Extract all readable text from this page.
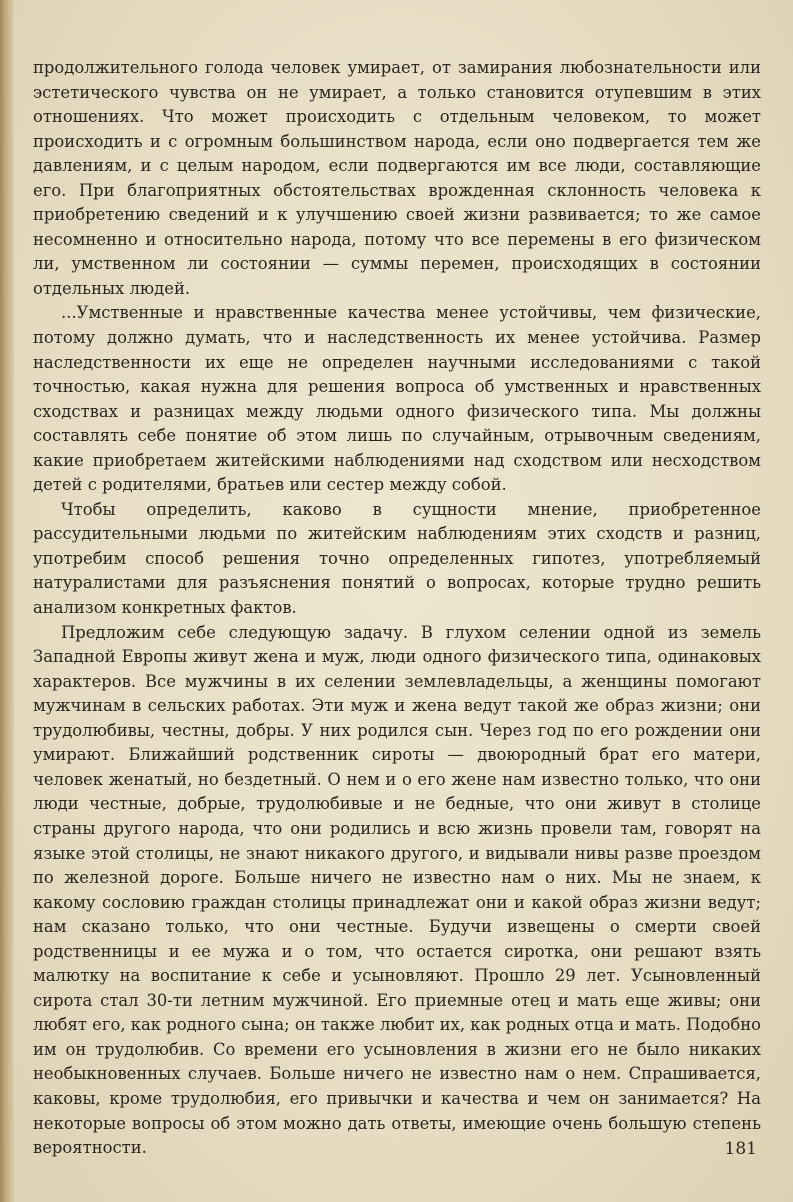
продолжительного голода человек умирает, от замирания любознательности или эстетического чувства он не умирает, а только становится отупевшим в этих отношениях. Что может происходить с отдельным человеком, то может происходить и с огромным большинством народа, если оно подвергается тем же давлениям, и с целым народом, если подвергаются им все люди, составляющие его. При благоприятных обстоятельствах врожденная склонность человека к приобретению сведений и к улучшению своей жизни развивается; то же самое несомненно и относительно народа, потому что все перемены в его физическом ли, умственном ли состоянии — суммы перемен, происходящих в состоянии отдельных людей.

...Умственные и нравственные качества менее устойчивы, чем физические, потому должно думать, что и наследственность их менее устойчива. Размер наследственности их еще не определен научными исследованиями с такой точностью, какая нужна для решения вопроса об умственных и нравственных сходствах и разницах между людьми одного физического типа. Мы должны составлять себе понятие об этом лишь по случайным, отрывочным сведениям, какие приобретаем житейскими наблюдениями над сходством или несходством детей с родителями, братьев или сестер между собой.

Чтобы определить, каково в сущности мнение, приобретенное рассудительными людьми по житейским наблюдениям этих сходств и разниц, употребим способ решения точно определенных гипотез, употребляемый натуралистами для разъяснения понятий о вопросах, которые трудно решить анализом конкретных фактов.

Предложим себе следующую задачу. В глухом селении одной из земель Западной Европы живут жена и муж, люди одного физического типа, одинаковых характеров. Все мужчины в их селении землевладельцы, а женщины помогают мужчинам в сельских работах. Эти муж и жена ведут такой же образ жизни; они трудолюбивы, честны, добры. У них родился сын. Через год по его рождении они умирают. Ближайший родственник сироты — двоюродный брат его матери, человек женатый, но бездетный. О нем и о его жене нам известно только, что они люди честные, добрые, трудолюбивые и не бедные, что они живут в столице страны другого народа, что они родились и всю жизнь провели там, говорят на языке этой столицы, не знают никакого другого, и видывали нивы разве проездом по железной дороге. Больше ничего не известно нам о них. Мы не знаем, к какому сословию граждан столицы принадлежат они и какой образ жизни ведут; нам сказано только, что они честные. Будучи извещены о смерти своей родственницы и ее мужа и о том, что остается сиротка, они решают взять малютку на воспитание к себе и усыновляют. Прошло 29 лет. Усыновленный сирота стал 30-ти летним мужчиной. Его приемные отец и мать еще живы; они любят его, как родного сына; он также любит их, как родных отца и мать. Подобно им он трудолюбив. Со времени его усыновления в жизни его не было никаких необыкновенных случаев. Больше ничего не известно нам о нем. Спрашивается, каковы, кроме трудолюбия, его привычки и качества и чем он занимается? На некоторые вопросы об этом можно дать ответы, имеющие очень большую степень вероятности.	181
